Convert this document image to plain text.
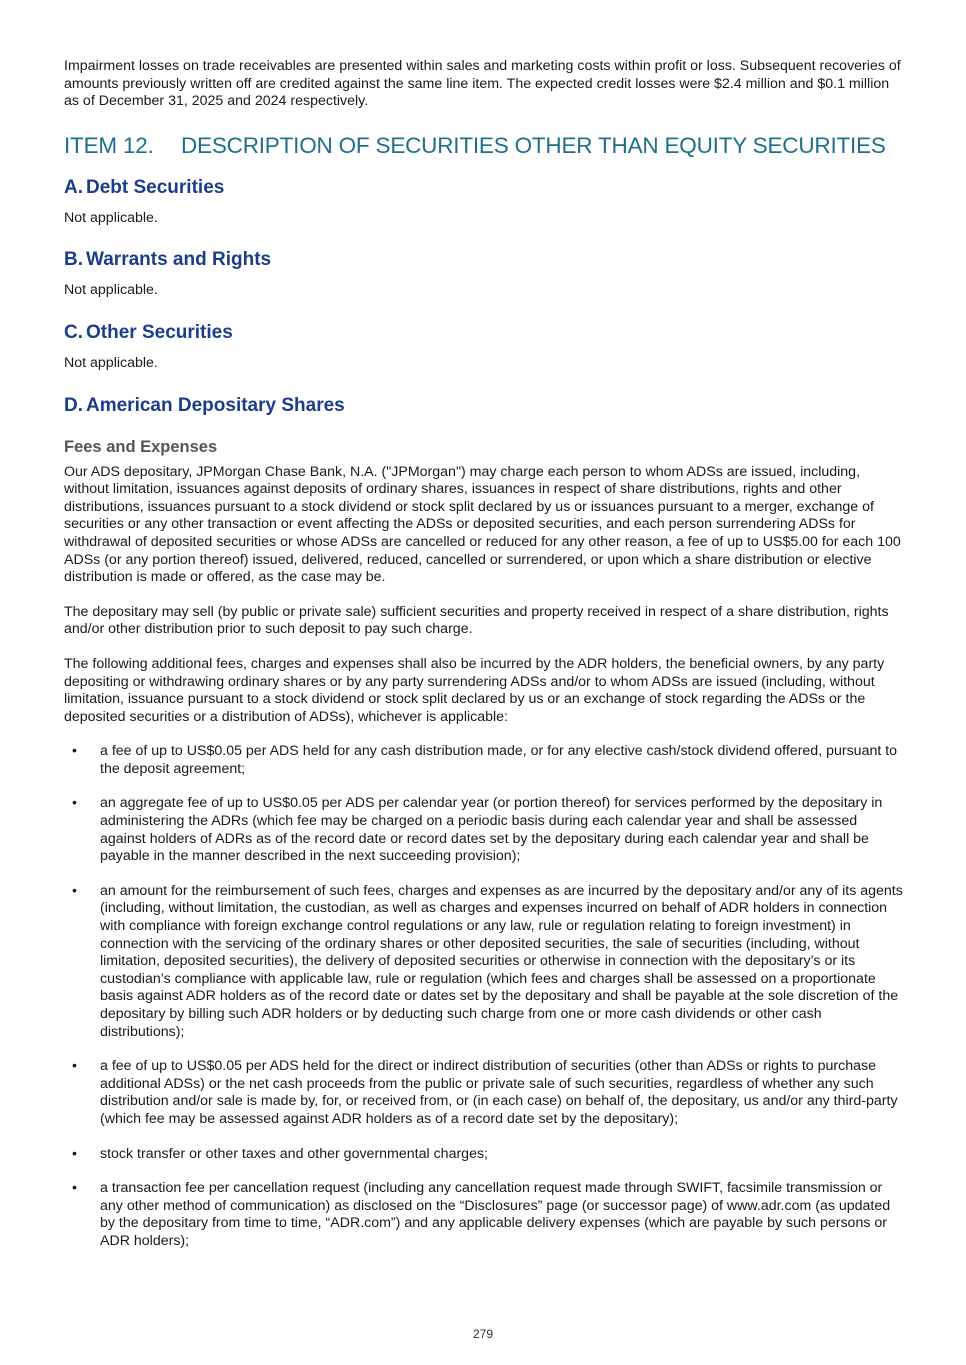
Impairment losses on trade receivables are presented within sales and marketing costs within profit or loss. Subsequent recoveries of amounts previously written off are credited against the same line item. The expected credit losses were $2.4 million and $0.1 million as of December 31, 2025 and 2024 respectively.

ITEM 12. DESCRIPTION OF SECURITIES OTHER THAN EQUITY SECURITIES
A. Debt Securities

Not applicable.

B. Warrants and Rights

Not applicable.

C. Other Securities

Not applicable.

D. American Depositary Shares
Fees and Expenses

Our ADS depositary, JPMorgan Chase Bank, N.A. ("JPMorgan") may charge each person to whom ADSs are issued, including, without limitation, issuances against deposits of ordinary shares, issuances in respect of share distributions, rights and other distributions, issuances pursuant to a stock dividend or stock split declared by us or issuances pursuant to a merger, exchange of securities or any other transaction or event affecting the ADSs or deposited securities, and each person surrendering ADSs for withdrawal of deposited securities or whose ADSs are cancelled or reduced for any other reason, a fee of up to US$5.00 for each 100 ADSs (or any portion thereof) issued, delivered, reduced, cancelled or surrendered, or upon which a share distribution or elective distribution is made or offered, as the case may be.

The depositary may sell (by public or private sale) sufficient securities and property received in respect of a share distribution, rights and/or other distribution prior to such deposit to pay such charge.

The following additional fees, charges and expenses shall also be incurred by the ADR holders, the beneficial owners, by any party depositing or withdrawing ordinary shares or by any party surrendering ADSs and/or to whom ADSs are issued (including, without limitation, issuance pursuant to a stock dividend or stock split declared by us or an exchange of stock regarding the ADSs or the deposited securities or a distribution of ADSs), whichever is applicable:

• a fee of up to US$0.05 per ADS held for any cash distribution made, or for any elective cash/stock dividend offered, pursuant to the deposit agreement;
• an aggregate fee of up to US$0.05 per ADS per calendar year (or portion thereof) for services performed by the depositary in administering the ADRs (which fee may be charged on a periodic basis during each calendar year and shall be assessed against holders of ADRs as of the record date or record dates set by the depositary during each calendar year and shall be payable in the manner described in the next succeeding provision);
• an amount for the reimbursement of such fees, charges and expenses as are incurred by the depositary and/or any of its agents (including, without limitation, the custodian, as well as charges and expenses incurred on behalf of ADR holders in connection with compliance with foreign exchange control regulations or any law, rule or regulation relating to foreign investment) in connection with the servicing of the ordinary shares or other deposited securities, the sale of securities (including, without limitation, deposited securities), the delivery of deposited securities or otherwise in connection with the depositary’s or its custodian’s compliance with applicable law, rule or regulation (which fees and charges shall be assessed on a proportionate basis against ADR holders as of the record date or dates set by the depositary and shall be payable at the sole discretion of the depositary by billing such ADR holders or by deducting such charge from one or more cash dividends or other cash distributions);
• a fee of up to US$0.05 per ADS held for the direct or indirect distribution of securities (other than ADSs or rights to purchase additional ADSs) or the net cash proceeds from the public or private sale of such securities, regardless of whether any such distribution and/or sale is made by, for, or received from, or (in each case) on behalf of, the depositary, us and/or any third-party (which fee may be assessed against ADR holders as of a record date set by the depositary);
• stock transfer or other taxes and other governmental charges;
• a transaction fee per cancellation request (including any cancellation request made through SWIFT, facsimile transmission or any other method of communication) as disclosed on the “Disclosures” page (or successor page) of www.adr.com (as updated by the depositary from time to time, “ADR.com”) and any applicable delivery expenses (which are payable by such persons or ADR holders);
279
